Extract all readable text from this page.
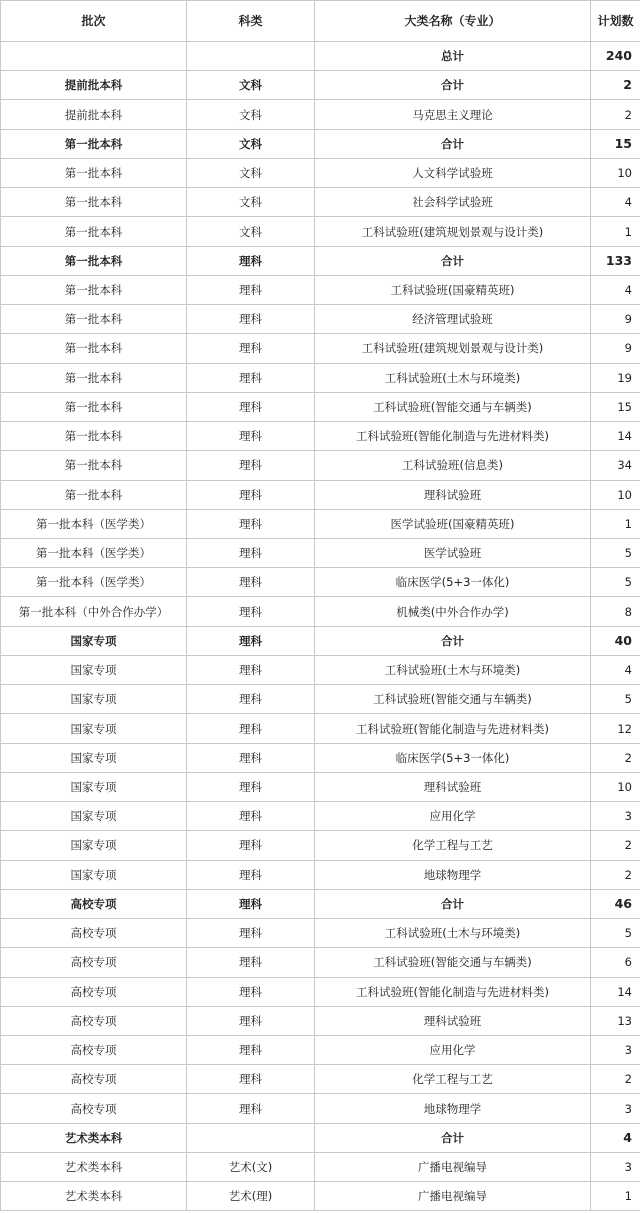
批次	科类	大类名称（专业）	计划数
		总计	240
提前批本科	文科	合计	2
提前批本科	文科	马克思主义理论	2
第一批本科	文科	合计	15
第一批本科	文科	人文科学试验班	10
第一批本科	文科	社会科学试验班	4
第一批本科	文科	工科试验班(建筑规划景观与设计类)	1
第一批本科	理科	合计	133
第一批本科	理科	工科试验班(国豪精英班)	4
第一批本科	理科	经济管理试验班	9
第一批本科	理科	工科试验班(建筑规划景观与设计类)	9
第一批本科	理科	工科试验班(土木与环境类)	19
第一批本科	理科	工科试验班(智能交通与车辆类)	15
第一批本科	理科	工科试验班(智能化制造与先进材料类)	14
第一批本科	理科	工科试验班(信息类)	34
第一批本科	理科	理科试验班	10
第一批本科（医学类）	理科	医学试验班(国豪精英班)	1
第一批本科（医学类）	理科	医学试验班	5
第一批本科（医学类）	理科	临床医学(5+3一体化)	5
第一批本科（中外合作办学）	理科	机械类(中外合作办学)	8
国家专项	理科	合计	40
国家专项	理科	工科试验班(土木与环境类)	4
国家专项	理科	工科试验班(智能交通与车辆类)	5
国家专项	理科	工科试验班(智能化制造与先进材料类)	12
国家专项	理科	临床医学(5+3一体化)	2
国家专项	理科	理科试验班	10
国家专项	理科	应用化学	3
国家专项	理科	化学工程与工艺	2
国家专项	理科	地球物理学	2
高校专项	理科	合计	46
高校专项	理科	工科试验班(土木与环境类)	5
高校专项	理科	工科试验班(智能交通与车辆类)	6
高校专项	理科	工科试验班(智能化制造与先进材料类)	14
高校专项	理科	理科试验班	13
高校专项	理科	应用化学	3
高校专项	理科	化学工程与工艺	2
高校专项	理科	地球物理学	3
艺术类本科		合计	4
艺术类本科	艺术(文)	广播电视编导	3
艺术类本科	艺术(理)	广播电视编导	1
